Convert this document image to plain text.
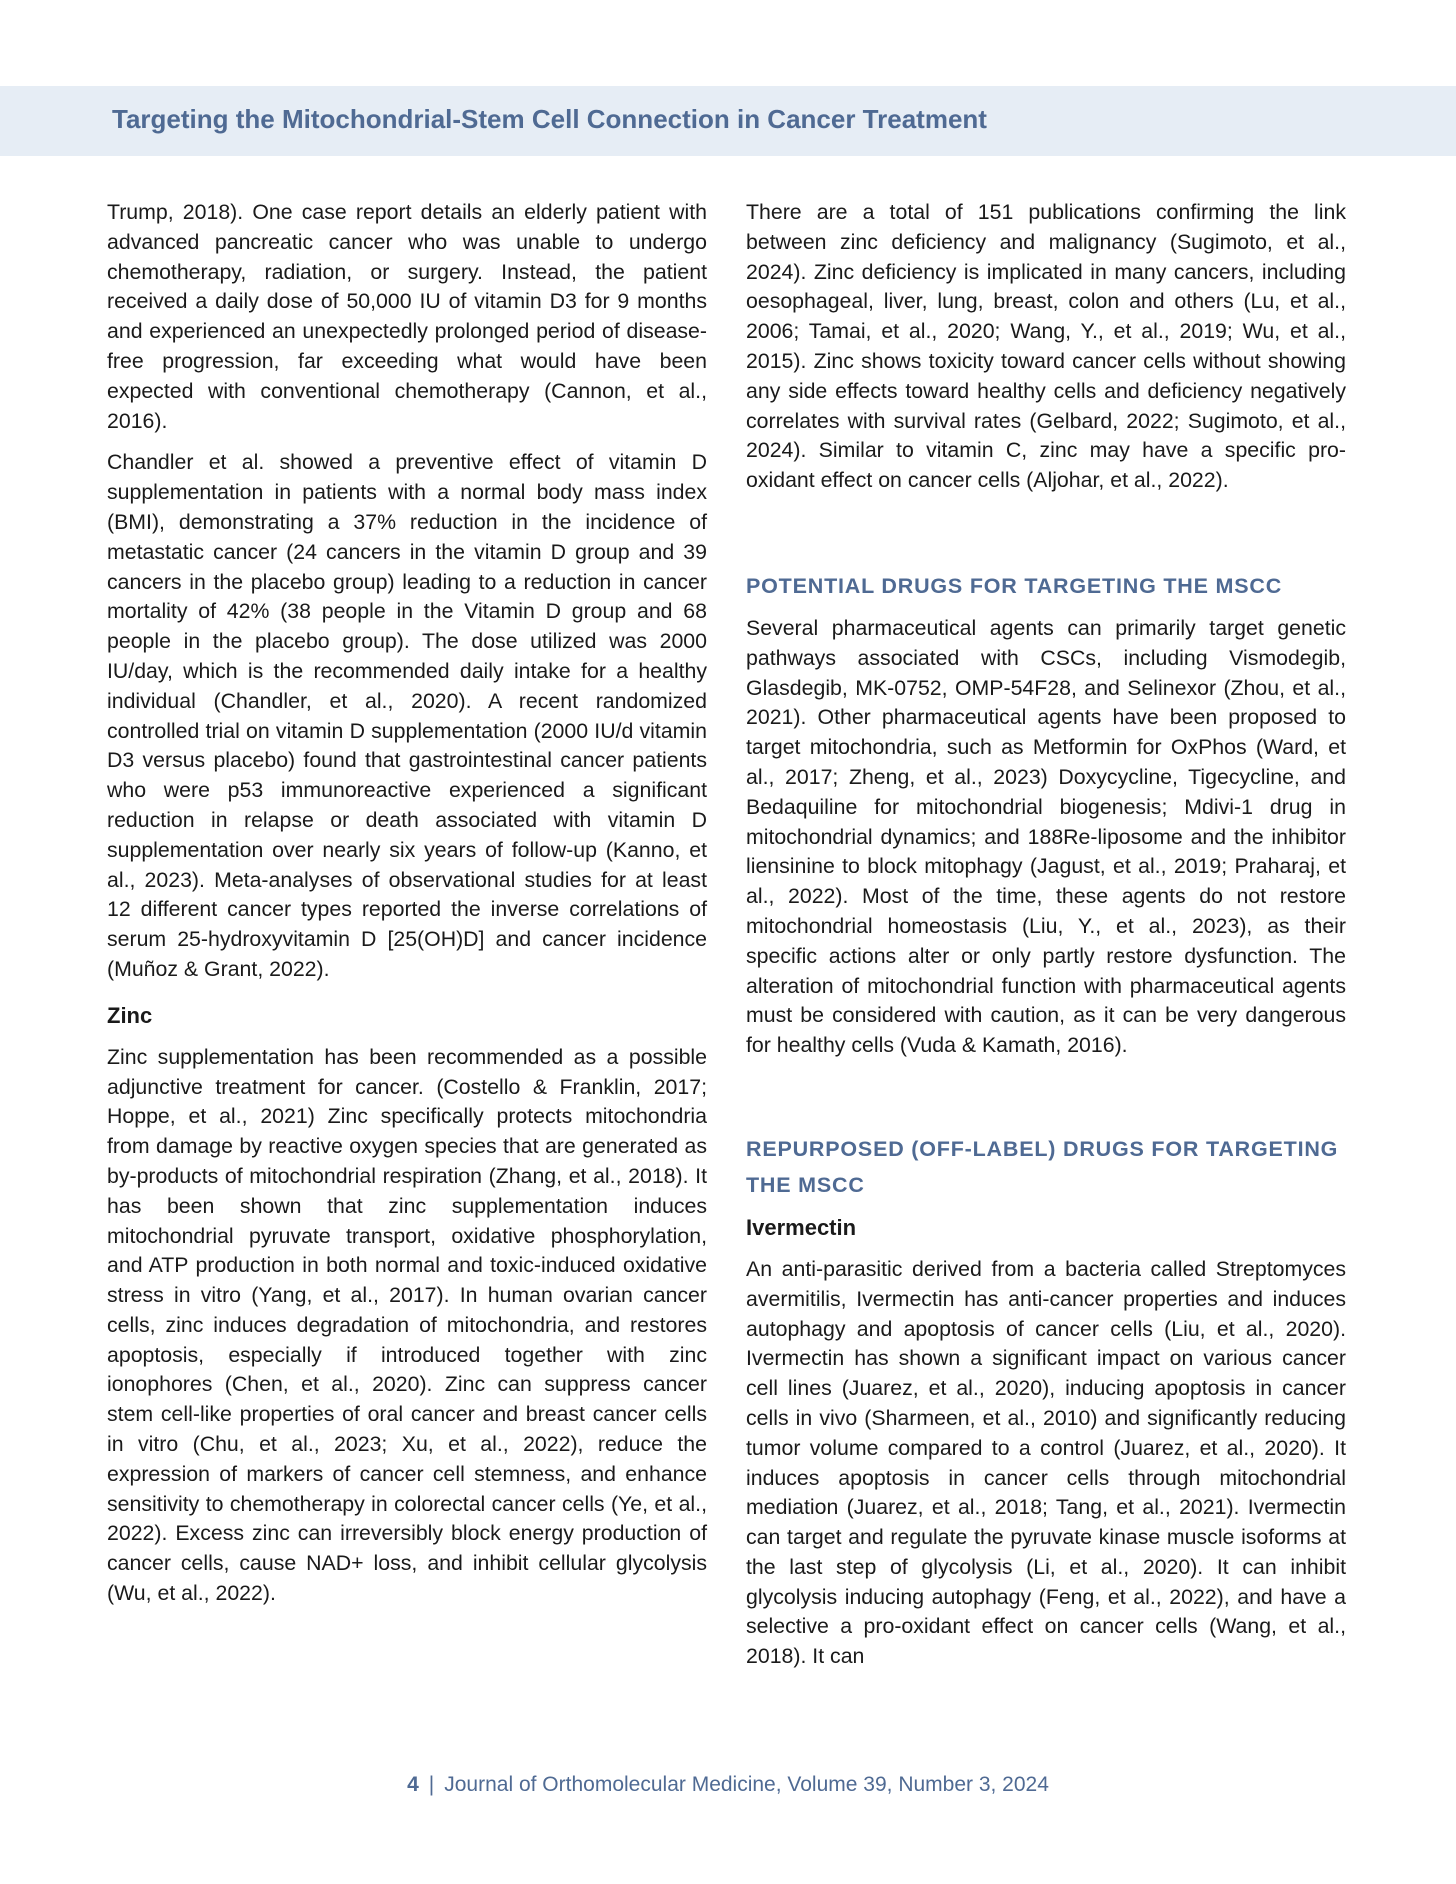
Targeting the Mitochondrial-Stem Cell Connection in Cancer Treatment

Trump, 2018). One case report details an elderly patient with advanced pancreatic cancer who was unable to undergo chemotherapy, radiation, or surgery. Instead, the patient received a daily dose of 50,000 IU of vitamin D3 for 9 months and experienced an unexpectedly prolonged period of disease-free progression, far exceeding what would have been expected with conventional chemotherapy (Cannon, et al., 2016).

Chandler et al. showed a preventive effect of vitamin D supplementation in patients with a normal body mass index (BMI), demonstrating a 37% reduction in the incidence of metastatic cancer (24 cancers in the vitamin D group and 39 cancers in the placebo group) leading to a reduction in cancer mortality of 42% (38 people in the Vitamin D group and 68 people in the placebo group). The dose utilized was 2000 IU/day, which is the recommended daily intake for a healthy individual (Chandler, et al., 2020). A recent randomized controlled trial on vitamin D supplementation (2000 IU/d vitamin D3 versus placebo) found that gastrointestinal cancer patients who were p53 immunoreactive experienced a significant reduction in relapse or death associated with vitamin D supplementation over nearly six years of follow-up (Kanno, et al., 2023). Meta-analyses of observational studies for at least 12 different cancer types reported the inverse correlations of serum 25-hydroxyvitamin D [25(OH)D] and cancer incidence (Muñoz & Grant, 2022).

Zinc

Zinc supplementation has been recommended as a possible adjunctive treatment for cancer. (Costello & Franklin, 2017; Hoppe, et al., 2021) Zinc specifically protects mitochondria from damage by reactive oxygen species that are generated as by-products of mitochondrial respiration (Zhang, et al., 2018). It has been shown that zinc supplementation induces mitochondrial pyruvate transport, oxidative phosphorylation, and ATP production in both normal and toxic-induced oxidative stress in vitro (Yang, et al., 2017). In human ovarian cancer cells, zinc induces degradation of mitochondria, and restores apoptosis, especially if introduced together with zinc ionophores (Chen, et al., 2020). Zinc can suppress cancer stem cell-like properties of oral cancer and breast cancer cells in vitro (Chu, et al., 2023; Xu, et al., 2022), reduce the expression of markers of cancer cell stemness, and enhance sensitivity to chemotherapy in colorectal cancer cells (Ye, et al., 2022). Excess zinc can irreversibly block energy production of cancer cells, cause NAD+ loss, and inhibit cellular glycolysis (Wu, et al., 2022).

There are a total of 151 publications confirming the link between zinc deficiency and malignancy (Sugimoto, et al., 2024). Zinc deficiency is implicated in many cancers, including oesophageal, liver, lung, breast, colon and others (Lu, et al., 2006; Tamai, et al., 2020; Wang, Y., et al., 2019; Wu, et al., 2015). Zinc shows toxicity toward cancer cells without showing any side effects toward healthy cells and deficiency negatively correlates with survival rates (Gelbard, 2022; Sugimoto, et al., 2024). Similar to vitamin C, zinc may have a specific pro-oxidant effect on cancer cells (Aljohar, et al., 2022).

POTENTIAL DRUGS FOR TARGETING THE MSCC

Several pharmaceutical agents can primarily target genetic pathways associated with CSCs, including Vismodegib, Glasdegib, MK-0752, OMP-54F28, and Selinexor (Zhou, et al., 2021). Other pharmaceutical agents have been proposed to target mitochondria, such as Metformin for OxPhos (Ward, et al., 2017; Zheng, et al., 2023) Doxycycline, Tigecycline, and Bedaquiline for mitochondrial biogenesis; Mdivi-1 drug in mitochondrial dynamics; and 188Re-liposome and the inhibitor liensinine to block mitophagy (Jagust, et al., 2019; Praharaj, et al., 2022). Most of the time, these agents do not restore mitochondrial homeostasis (Liu, Y., et al., 2023), as their specific actions alter or only partly restore dysfunction. The alteration of mitochondrial function with pharmaceutical agents must be considered with caution, as it can be very dangerous for healthy cells (Vuda & Kamath, 2016).

REPURPOSED (OFF-LABEL) DRUGS FOR TARGETING THE MSCC
Ivermectin

An anti-parasitic derived from a bacteria called Streptomyces avermitilis, Ivermectin has anti-cancer properties and induces autophagy and apoptosis of cancer cells (Liu, et al., 2020). Ivermectin has shown a significant impact on various cancer cell lines (Juarez, et al., 2020), inducing apoptosis in cancer cells in vivo (Sharmeen, et al., 2010) and significantly reducing tumor volume compared to a control (Juarez, et al., 2020). It induces apoptosis in cancer cells through mitochondrial mediation (Juarez, et al., 2018; Tang, et al., 2021). Ivermectin can target and regulate the pyruvate kinase muscle isoforms at the last step of glycolysis (Li, et al., 2020). It can inhibit glycolysis inducing autophagy (Feng, et al., 2022), and have a selective a pro-oxidant effect on cancer cells (Wang, et al., 2018). It can

4 | Journal of Orthomolecular Medicine, Volume 39, Number 3, 2024
